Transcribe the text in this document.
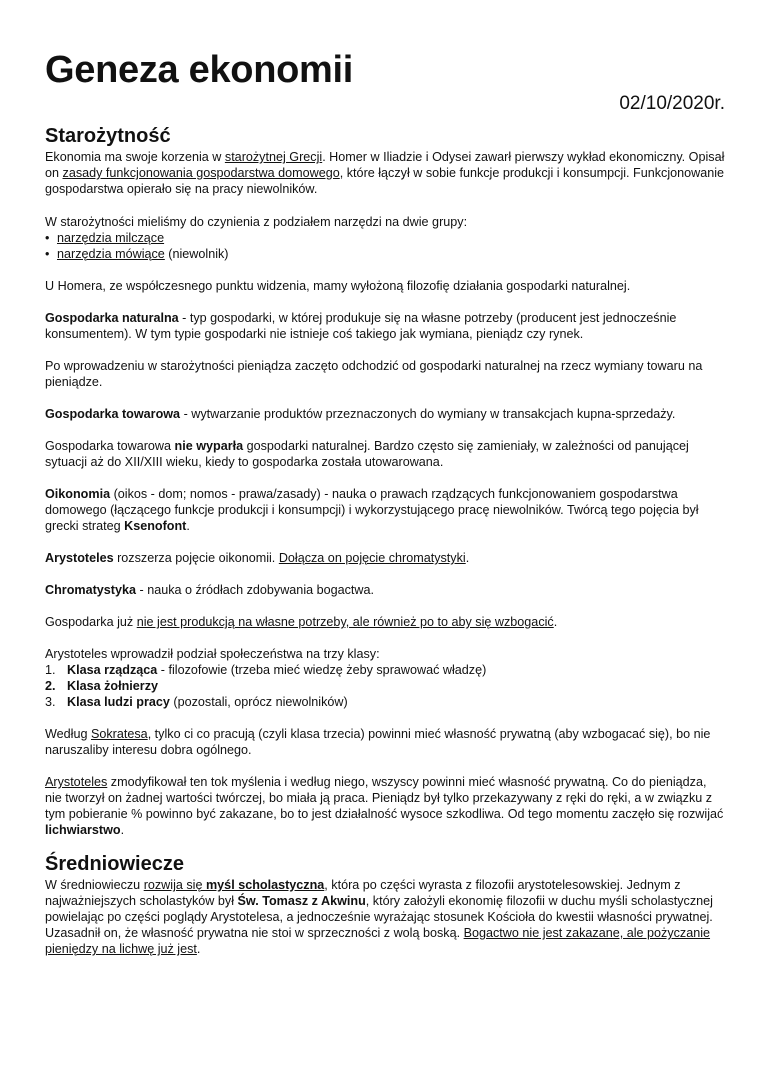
Geneza ekonomii
02/10/2020r.
Starożytność

Ekonomia ma swoje korzenia w starożytnej Grecji. Homer w Iliadzie i Odysei zawarł pierwszy wykład ekonomiczny. Opisał on zasady funkcjonowania gospodarstwa domowego, które łączył w sobie funkcje produkcji i konsumpcji. Funkcjonowanie gospodarstwa opierało się na pracy niewolników.

W starożytności mieliśmy do czynienia z podziałem narzędzi na dwie grupy:

• narzędzia milczące
• narzędzia mówiące (niewolnik)

U Homera, ze współczesnego punktu widzenia, mamy wyłożoną filozofię działania gospodarki naturalnej.

Gospodarka naturalna - typ gospodarki, w której produkuje się na własne potrzeby (producent jest jednocześnie konsumentem). W tym typie gospodarki nie istnieje coś takiego jak wymiana, pieniądz czy rynek.

Po wprowadzeniu w starożytności pieniądza zaczęto odchodzić od gospodarki naturalnej na rzecz wymiany towaru na pieniądze.

Gospodarka towarowa - wytwarzanie produktów przeznaczonych do wymiany w transakcjach kupna-sprzedaży.

Gospodarka towarowa nie wyparła gospodarki naturalnej. Bardzo często się zamieniały, w zależności od panującej sytuacji aż do XII/XIII wieku, kiedy to gospodarka została utowarowana.

Oikonomia (oikos - dom; nomos - prawa/zasady) - nauka o prawach rządzących funkcjonowaniem gospodarstwa domowego (łączącego funkcje produkcji i konsumpcji) i wykorzystującego pracę niewolników. Twórcą tego pojęcia był grecki strateg Ksenofont.

Arystoteles rozszerza pojęcie oikonomii. Dołącza on pojęcie chromatystyki.

Chromatystyka - nauka o źródłach zdobywania bogactwa.

Gospodarka już nie jest produkcją na własne potrzeby, ale również po to aby się wzbogacić.

Arystoteles wprowadził podział społeczeństwa na trzy klasy:

1. Klasa rządząca - filozofowie (trzeba mieć wiedzę żeby sprawować władzę)
2. Klasa żołnierzy
3. Klasa ludzi pracy (pozostali, oprócz niewolników)

Według Sokratesa, tylko ci co pracują (czyli klasa trzecia) powinni mieć własność prywatną (aby wzbogacać się), bo nie naruszaliby interesu dobra ogólnego.

Arystoteles zmodyfikował ten tok myślenia i według niego, wszyscy powinni mieć własność prywatną. Co do pieniądza, nie tworzył on żadnej wartości twórczej, bo miała ją praca. Pieniądz był tylko przekazywany z ręki do ręki, a w związku z tym pobieranie % powinno być zakazane, bo to jest działalność wysoce szkodliwa. Od tego momentu zaczęło się rozwijać lichwiarstwo.

Średniowiecze

W średniowieczu rozwija się myśl scholastyczna, która po części wyrasta z filozofii arystotelesowskiej. Jednym z najważniejszych scholastyków był Św. Tomasz z Akwinu, który założyli ekonomię filozofii w duchu myśli scholastycznej powielając po części poglądy Arystotelesa, a jednocześnie wyrażając stosunek Kościoła do kwestii własności prywatnej. Uzasadnił on, że własność prywatna nie stoi w sprzeczności z wolą boską. Bogactwo nie jest zakazane, ale pożyczanie pieniędzy na lichwę już jest.
